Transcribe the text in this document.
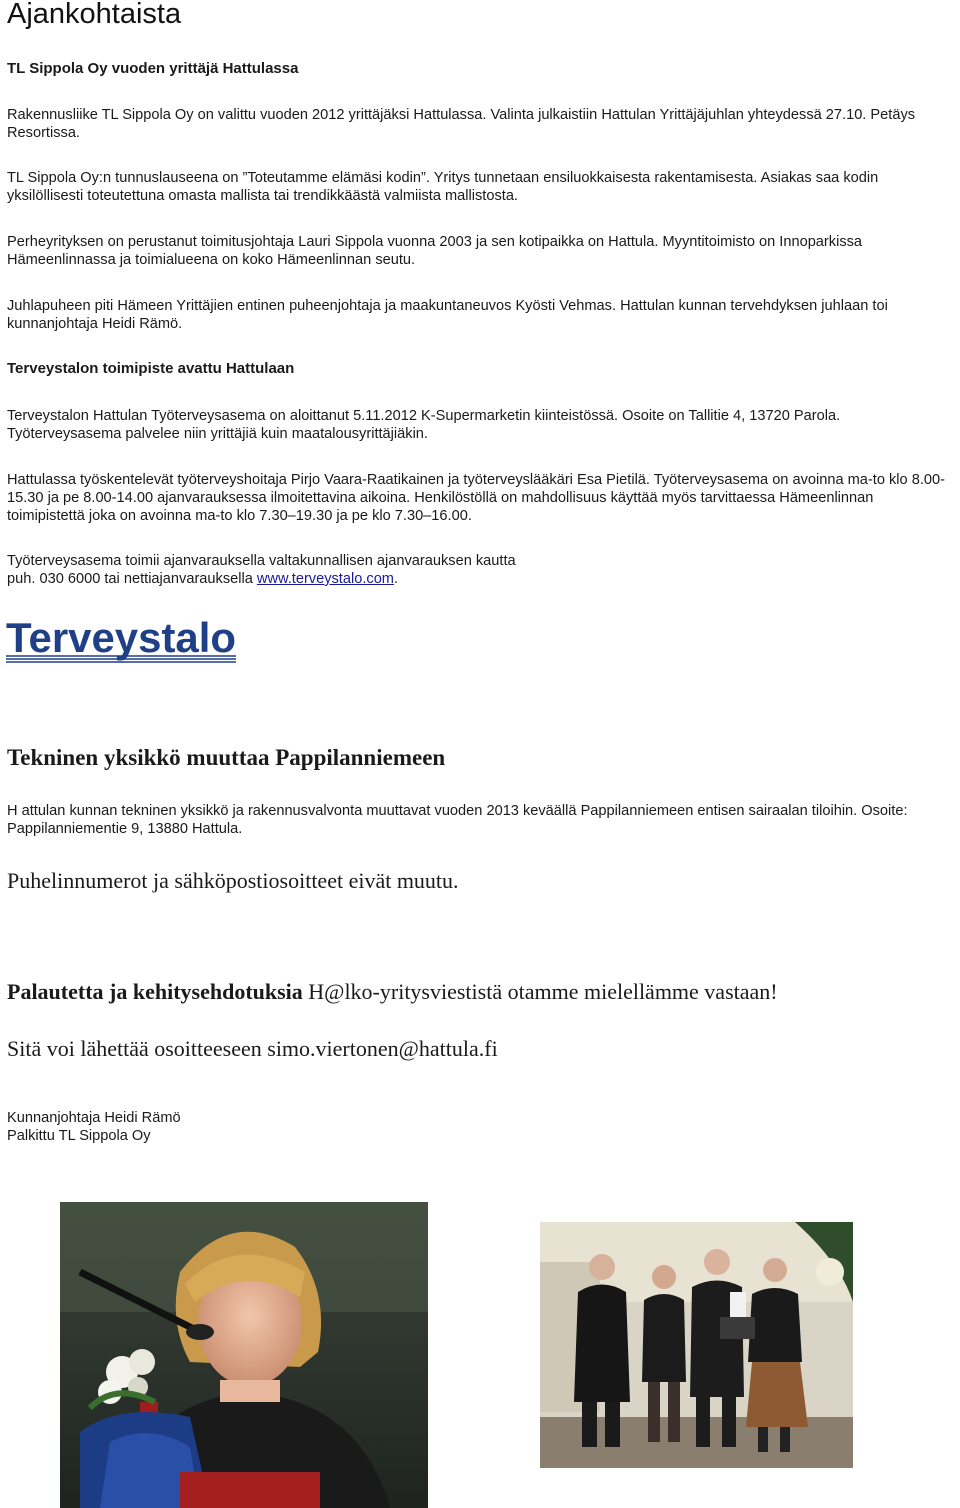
Ajankohtaista
TL Sippola Oy vuoden yrittäjä Hattulassa

Rakennusliike TL Sippola Oy on valittu vuoden 2012 yrittäjäksi Hattulassa. Valinta julkaistiin Hattulan Yrittäjäjuhlan yhteydessä 27.10. Petäys Resortissa.

TL Sippola Oy:n tunnuslauseena on ”Toteutamme elämäsi kodin”. Yritys tunnetaan ensiluokkaisesta rakentamisesta. Asiakas saa kodin yksilöllisesti toteutettuna omasta mallista tai trendikkäästä valmiista mallistosta.

Perheyrityksen on perustanut toimitusjohtaja Lauri Sippola vuonna 2003 ja sen kotipaikka on Hattula. Myyntitoimisto on Innoparkissa Hämeenlinnassa ja toimialueena on koko Hämeenlinnan seutu.

Juhlapuheen piti Hämeen Yrittäjien entinen puheenjohtaja ja maakuntaneuvos Kyösti Vehmas. Hattulan kunnan tervehdyksen juhlaan toi kunnanjohtaja Heidi Rämö.

Terveystalon toimipiste avattu Hattulaan

Terveystalon Hattulan Työterveysasema on aloittanut 5.11.2012 K-Supermarketin kiinteistössä. Osoite on Tallitie 4, 13720 Parola. Työterveysasema palvelee niin yrittäjiä kuin maatalousyrittäjiäkin.

Hattulassa työskentelevät työterveyshoitaja Pirjo Vaara-Raatikainen ja työterveyslääkäri Esa Pietilä. Työterveysasema on avoinna ma-to klo 8.00-15.30 ja pe 8.00-14.00 ajanvarauksessa ilmoitettavina aikoina. Henkilöstöllä on mahdollisuus käyttää myös tarvittaessa Hämeenlinnan toimipistettä joka on avoinna ma-to klo 7.30–19.30 ja pe klo 7.30–16.00.

Työterveysasema toimii ajanvarauksella valtakunnallisen ajanvarauksen kautta
puh. 030 6000 tai nettiajanvarauksella www.terveystalo.com.

Terveystalo
Tekninen yksikkö muuttaa Pappilanniemeen

H attulan kunnan tekninen yksikkö ja rakennusvalvonta muuttavat vuoden 2013 keväällä Pappilanniemeen entisen sairaalan tiloihin. Osoite: Pappilanniementie 9, 13880 Hattula.

Puhelinnumerot ja sähköpostiosoitteet eivät muutu.
Palautetta ja kehitysehdotuksia H@lko-yritysviestistä otamme mielellämme vastaan!
Sitä voi lähettää osoitteeseen simo.viertonen@hattula.fi

Kunnanjohtaja Heidi Rämö
Palkittu TL Sippola Oy
